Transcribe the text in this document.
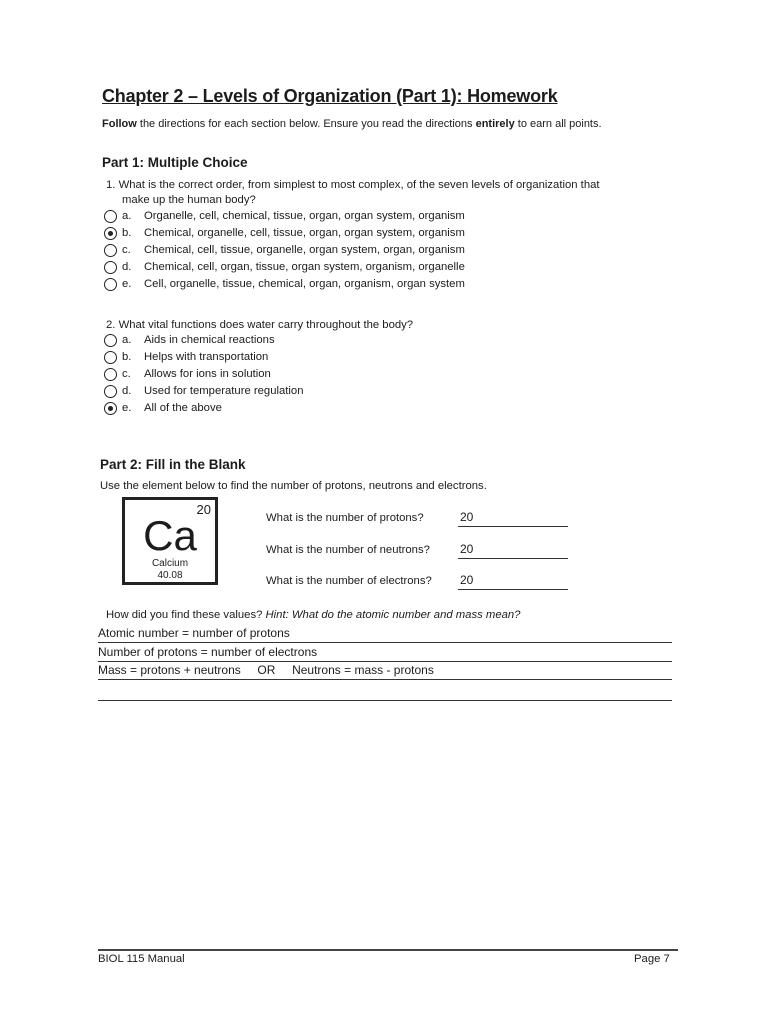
Chapter 2 – Levels of Organization (Part 1): Homework
Follow the directions for each section below. Ensure you read the directions entirely to earn all points.
Part 1: Multiple Choice
1. What is the correct order, from simplest to most complex, of the seven levels of organization that
make up the human body?
a.	Organelle, cell, chemical, tissue, organ, organ system, organism
b.	Chemical, organelle, cell, tissue, organ, organ system, organism
c.	Chemical, cell, tissue, organelle, organ system, organ, organism
d.	Chemical, cell, organ, tissue, organ system, organism, organelle
e.	Cell, organelle, tissue, chemical, organ, organism, organ system
2. What vital functions does water carry throughout the body?
a.	Aids in chemical reactions
b.	Helps with transportation
c.	Allows for ions in solution
d.	Used for temperature regulation
e.	All of the above
Part 2: Fill in the Blank
Use the element below to find the number of protons, neutrons and electrons.
20
Ca
Calcium
40.08
What is the number of protons?	20
What is the number of neutrons?	20
What is the number of electrons? 20
How did you find these values? Hint: What do the atomic number and mass mean?
Atomic number = number of protons
Number of protons = number of electrons
Mass = protons + neutrons     OR     Neutrons = mass - protons
BIOL 115 Manual	Page 7
